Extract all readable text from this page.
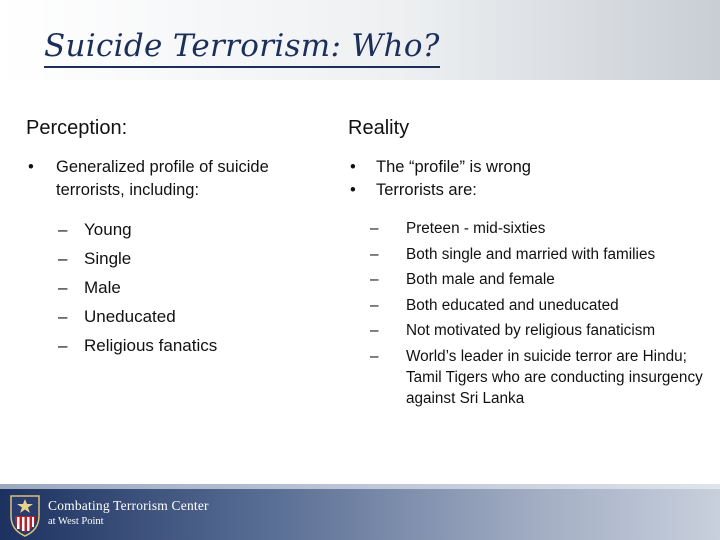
Suicide Terrorism: Who?
Perception:
• Generalized profile of suicide terrorists, including:
– Young
– Single
– Male
– Uneducated
– Religious fanatics
Reality
• The “profile” is wrong
• Terrorists are:
– Preteen - mid-sixties
– Both single and married with families
– Both male and female
– Both educated and uneducated
– Not motivated by religious fanaticism
– World’s leader in suicide terror are Hindu; Tamil Tigers who are conducting insurgency against Sri Lanka
Combating Terrorism Center
at West Point
